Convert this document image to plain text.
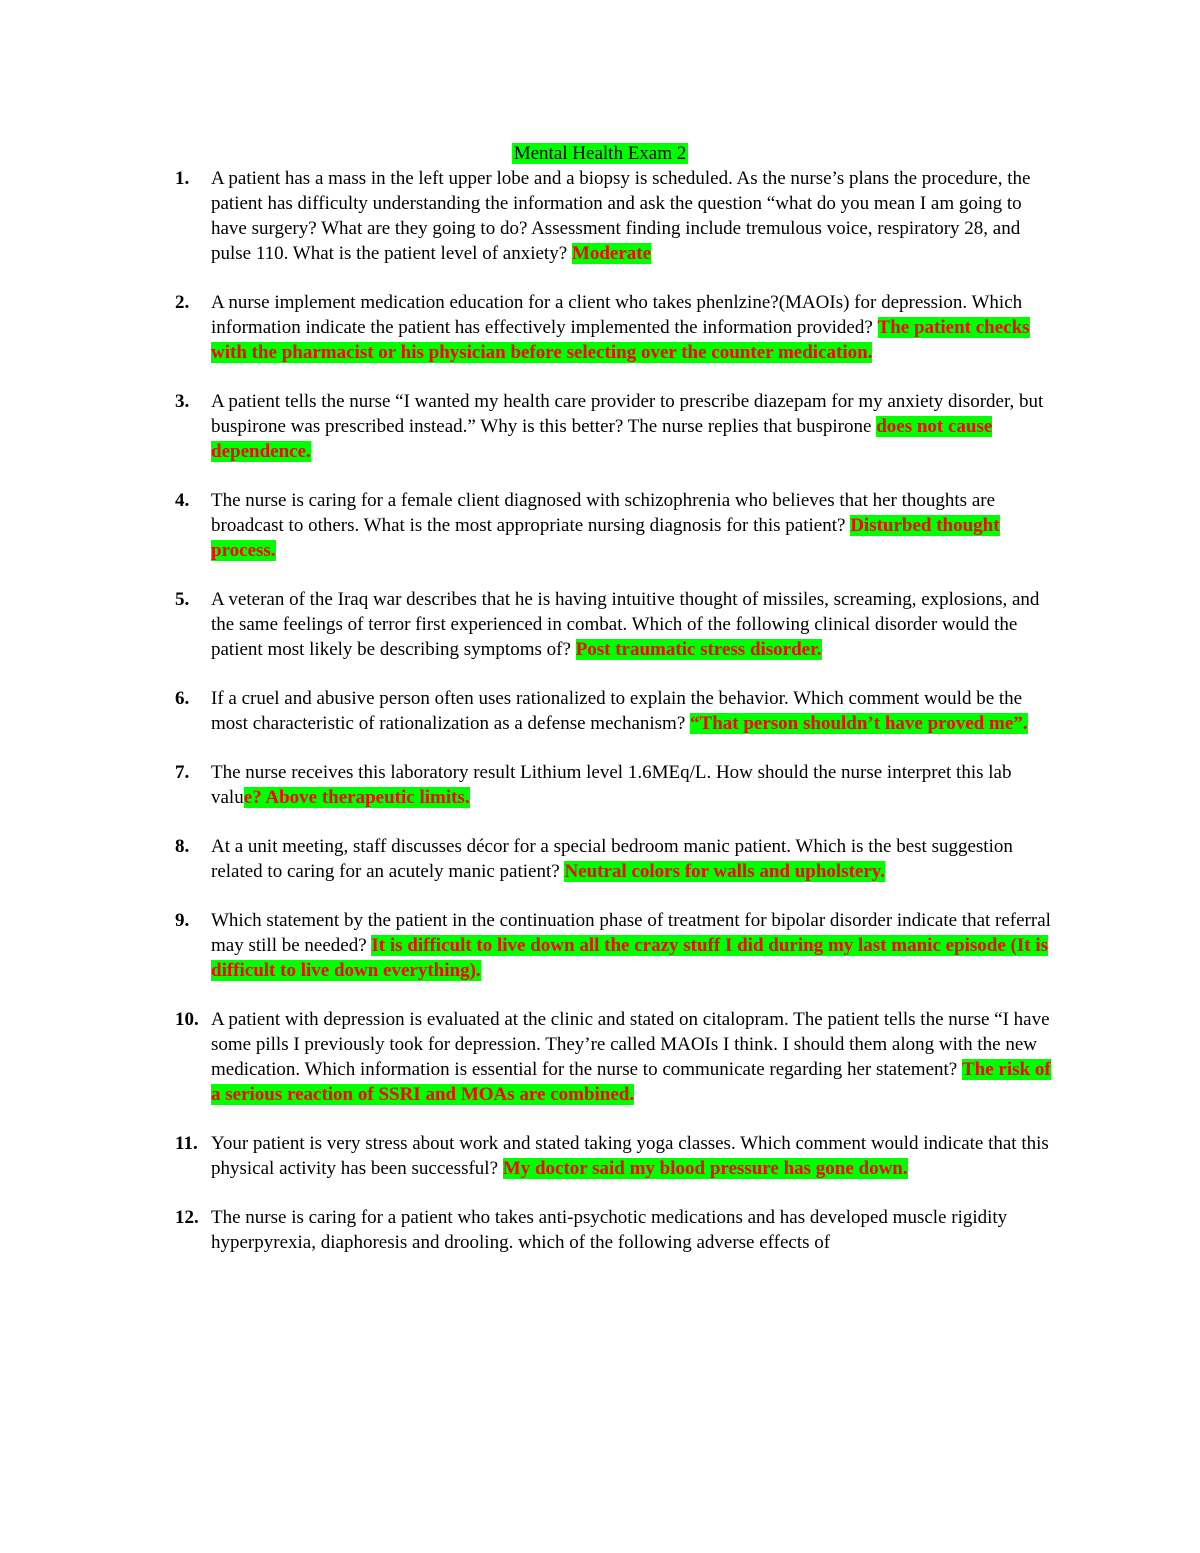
Mental Health Exam 2
1. A patient has a mass in the left upper lobe and a biopsy is scheduled. As the nurse’s plans the procedure, the patient has difficulty understanding the information and ask the question “what do you mean I am going to have surgery? What are they going to do? Assessment finding include tremulous voice, respiratory 28, and pulse 110. What is the patient level of anxiety? Moderate
2. A nurse implement medication education for a client who takes phenlzine?(MAOIs) for depression. Which information indicate the patient has effectively implemented the information provided? The patient checks with the pharmacist or his physician before selecting over the counter medication.
3. A patient tells the nurse “I wanted my health care provider to prescribe diazepam for my anxiety disorder, but buspirone was prescribed instead.” Why is this better? The nurse replies that buspirone does not cause dependence.
4. The nurse is caring for a female client diagnosed with schizophrenia who believes that her thoughts are broadcast to others. What is the most appropriate nursing diagnosis for this patient? Disturbed thought process.
5. A veteran of the Iraq war describes that he is having intuitive thought of missiles, screaming, explosions, and the same feelings of terror first experienced in combat. Which of the following clinical disorder would the patient most likely be describing symptoms of? Post traumatic stress disorder.
6. If a cruel and abusive person often uses rationalized to explain the behavior. Which comment would be the most characteristic of rationalization as a defense mechanism? “That person shouldn’t have proved me”.
7. The nurse receives this laboratory result Lithium level 1.6MEq/L. How should the nurse interpret this lab value? Above therapeutic limits.
8. At a unit meeting, staff discusses décor for a special bedroom manic patient. Which is the best suggestion related to caring for an acutely manic patient? Neutral colors for walls and upholstery.
9. Which statement by the patient in the continuation phase of treatment for bipolar disorder indicate that referral may still be needed? It is difficult to live down all the crazy stuff I did during my last manic episode (It is difficult to live down everything).
10. A patient with depression is evaluated at the clinic and stated on citalopram. The patient tells the nurse “I have some pills I previously took for depression. They’re called MAOIs I think. I should them along with the new medication. Which information is essential for the nurse to communicate regarding her statement? The risk of a serious reaction of SSRI and MOAs are combined.
11. Your patient is very stress about work and stated taking yoga classes. Which comment would indicate that this physical activity has been successful? My doctor said my blood pressure has gone down.
12. The nurse is caring for a patient who takes anti-psychotic medications and has developed muscle rigidity hyperpyrexia, diaphoresis and drooling. which of the following adverse effects of
